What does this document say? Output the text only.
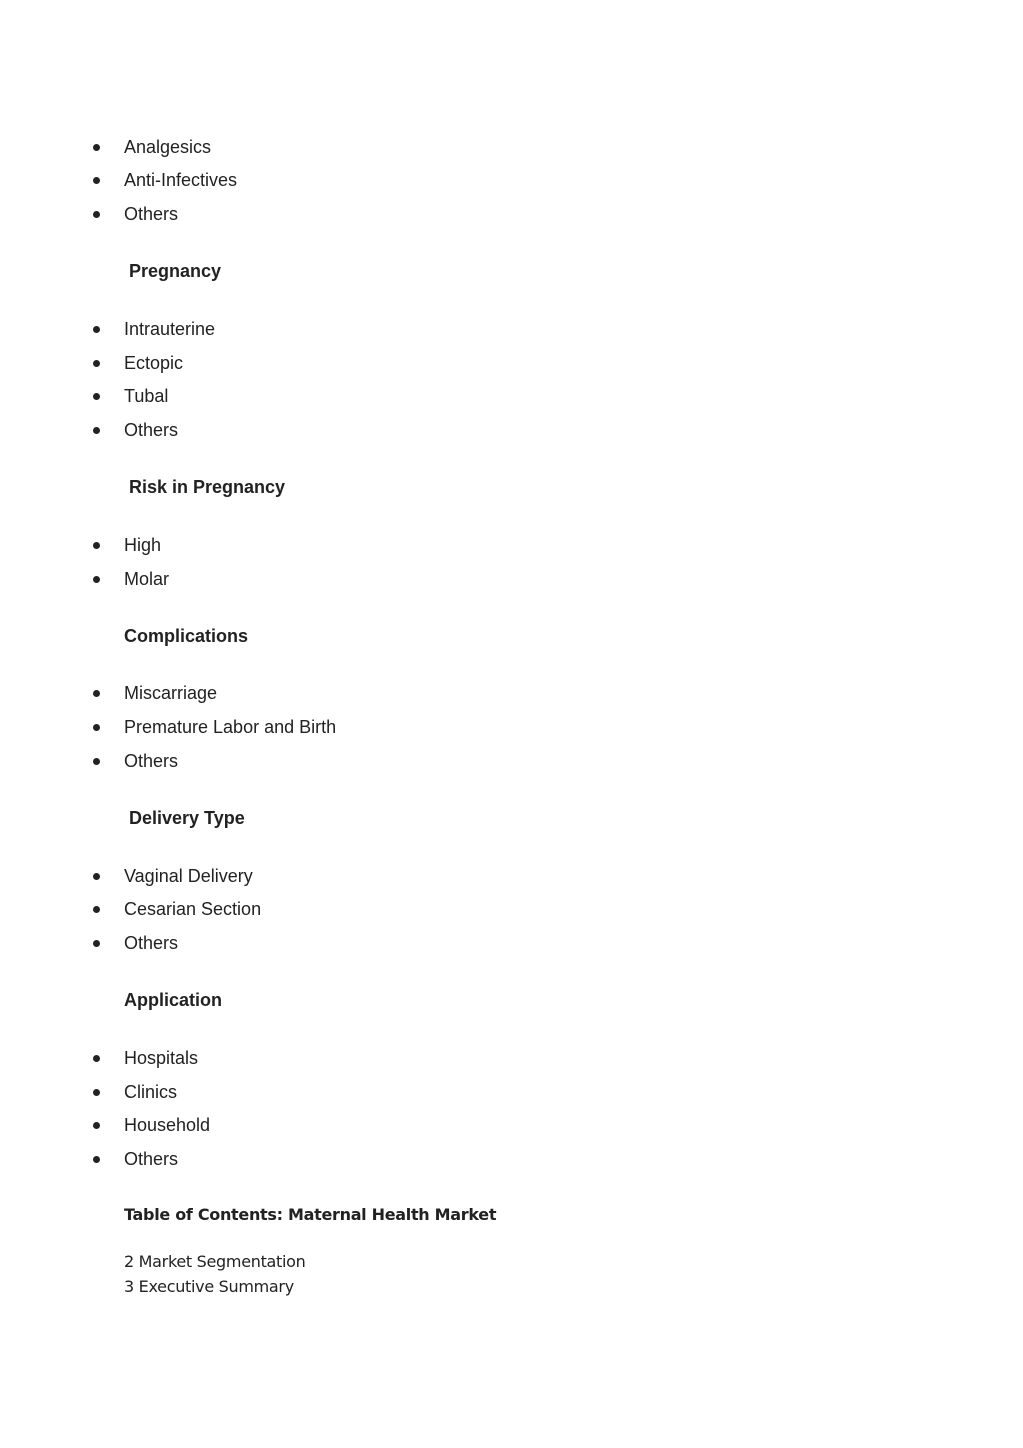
Analgesics
Anti-Infectives
Others
Pregnancy
Intrauterine
Ectopic
Tubal
Others
Risk in Pregnancy
High
Molar
Complications
Miscarriage
Premature Labor and Birth
Others
Delivery Type
Vaginal Delivery
Cesarian Section
Others
Application
Hospitals
Clinics
Household
Others
Table of Contents: Maternal Health Market
2 Market Segmentation
3 Executive Summary
